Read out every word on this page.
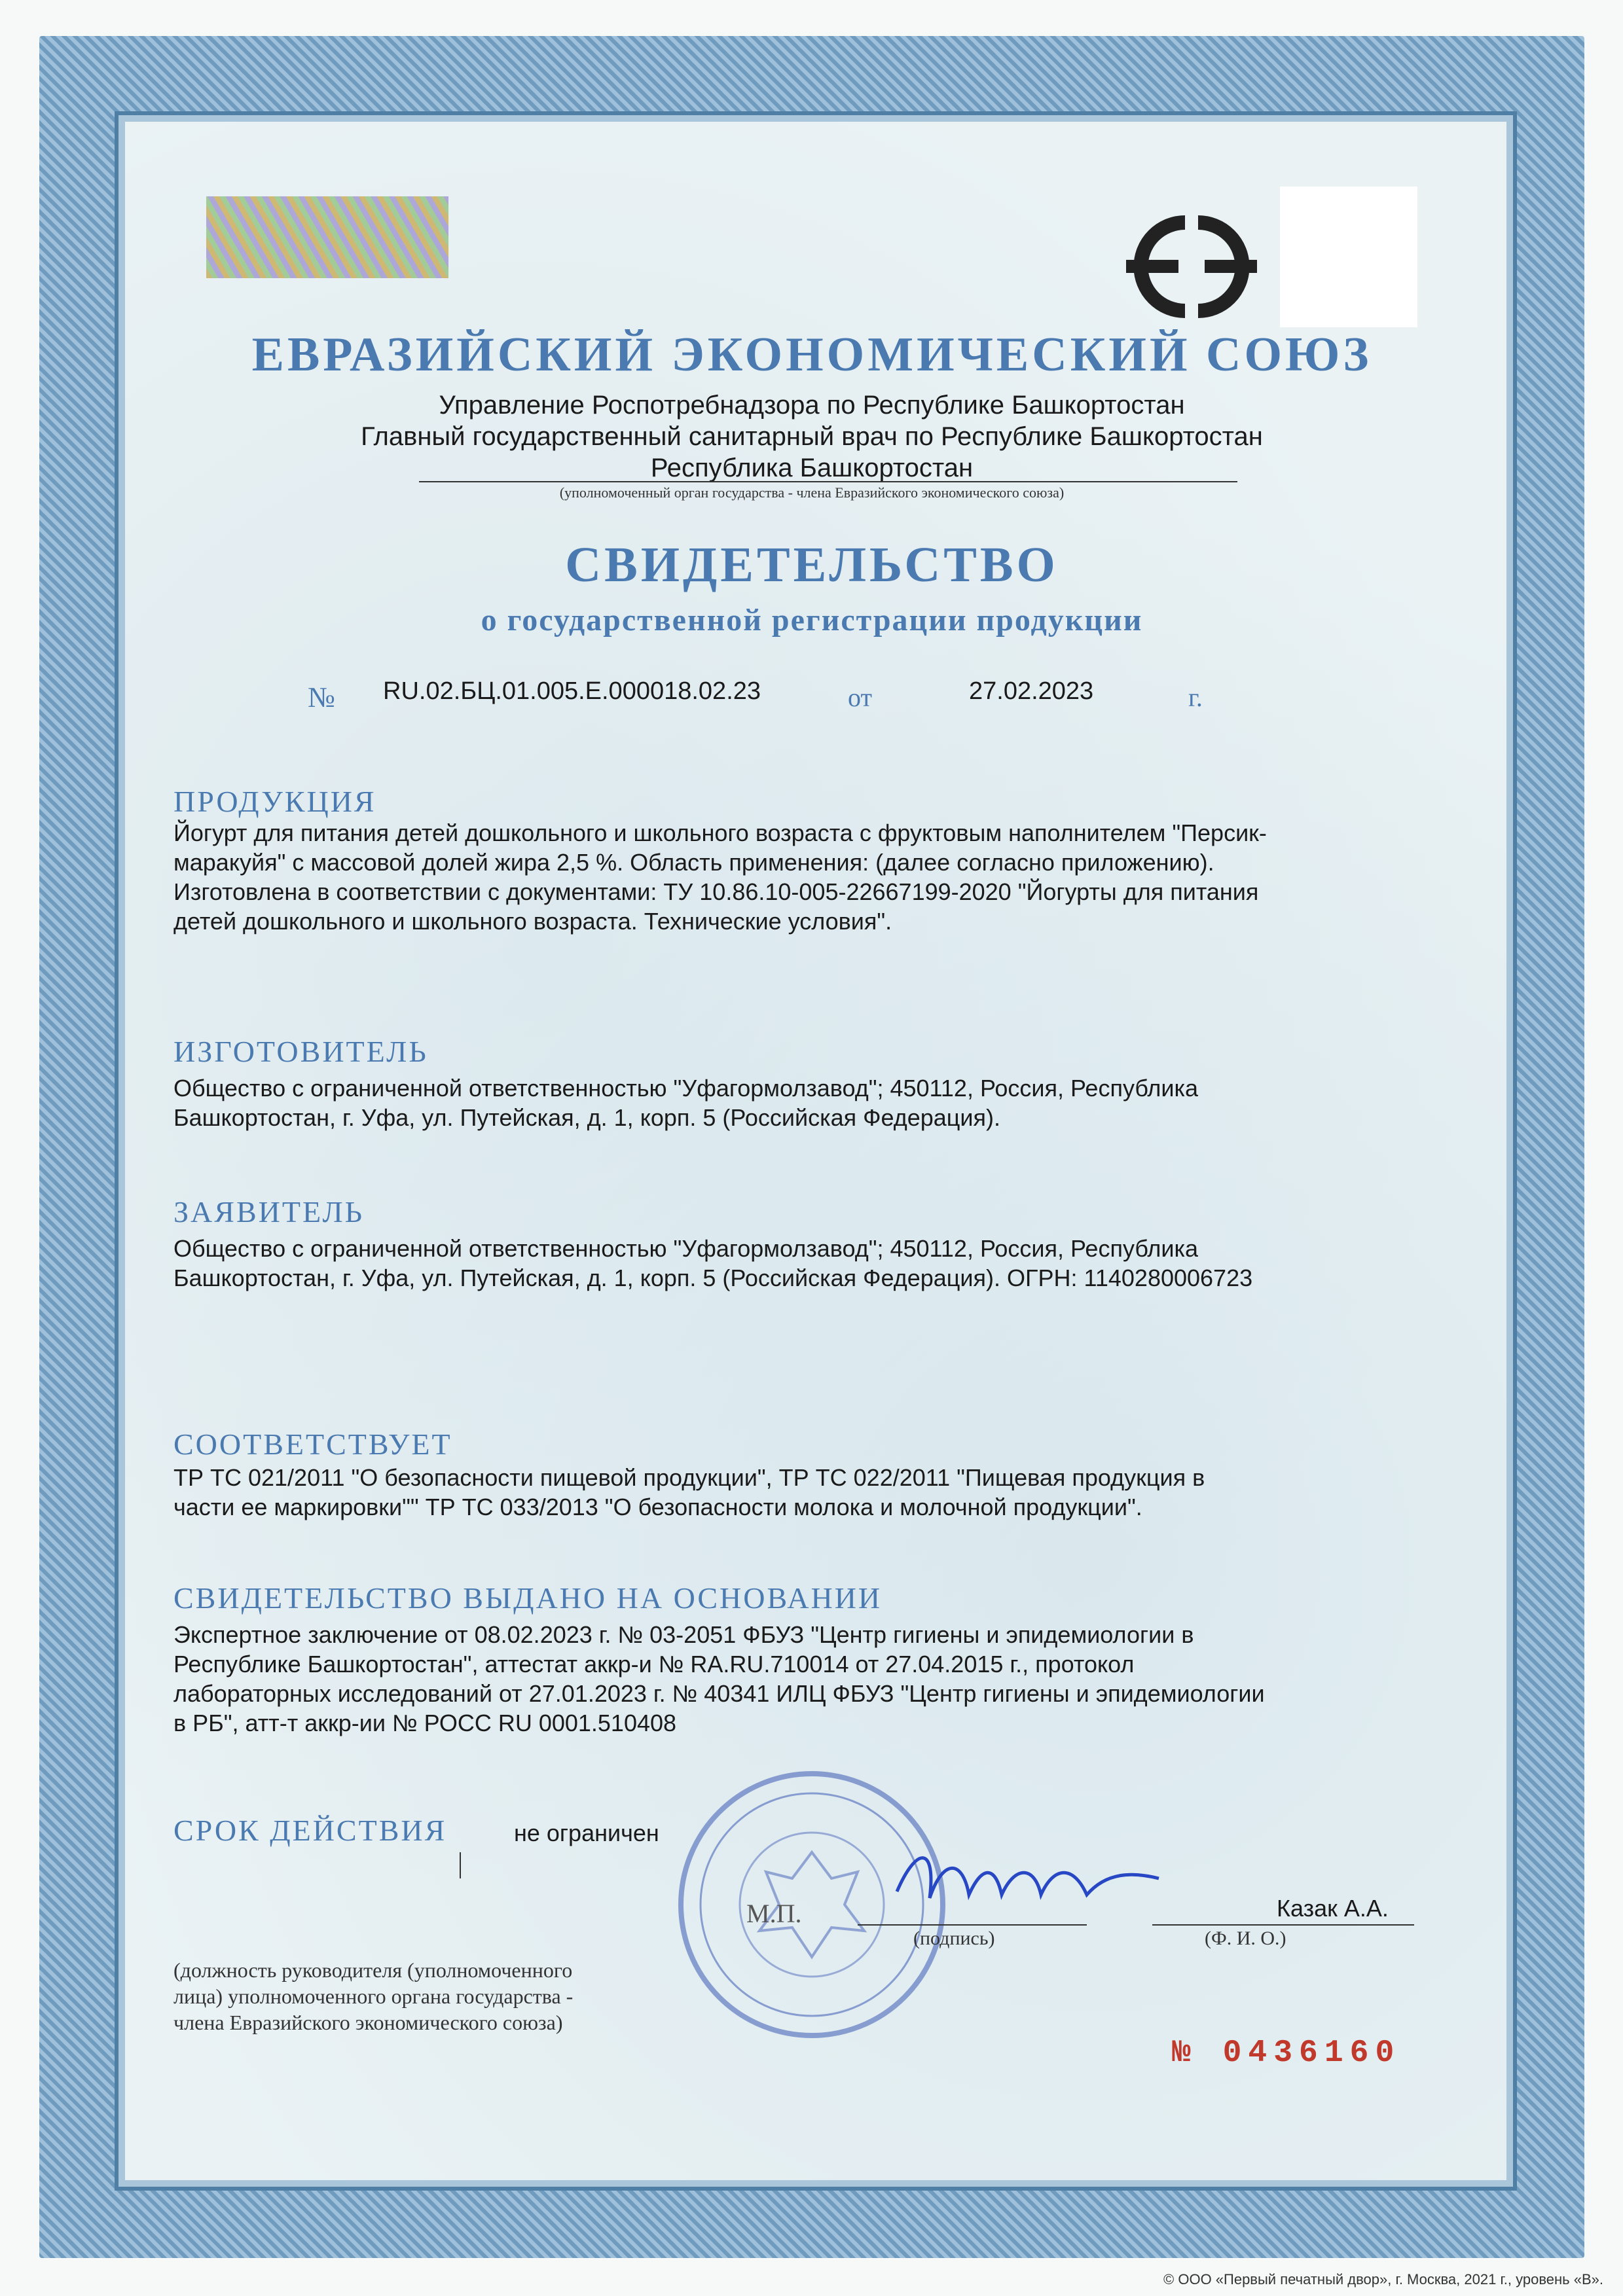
ЕВРАЗИЙСКИЙ ЭКОНОМИЧЕСКИЙ СОЮЗ
Управление Роспотребнадзора по Республике Башкортостан
Главный государственный санитарный врач по Республике Башкортостан
Республика Башкортостан
(уполномоченный орган государства - члена Евразийского экономического союза)
СВИДЕТЕЛЬСТВО
о государственной регистрации продукции
№ RU.02.БЦ.01.005.Е.000018.02.23	от	27.02.2023	г.
ПРОДУКЦИЯ
Йогурт для питания детей дошкольного и школьного возраста с фруктовым наполнителем "Персик-
маракуйя" с массовой долей жира 2,5 %. Область применения: (далее согласно приложению).
Изготовлена в соответствии с документами: ТУ 10.86.10-005-22667199-2020 "Йогурты для питания
детей дошкольного и школьного возраста. Технические условия".
ИЗГОТОВИТЕЛЬ
Общество с ограниченной ответственностью "Уфагормолзавод"; 450112, Россия, Республика
Башкортостан, г. Уфа, ул. Путейская, д. 1, корп. 5 (Российская Федерация).
ЗАЯВИТЕЛЬ
Общество с ограниченной ответственностью "Уфагормолзавод"; 450112, Россия, Республика
Башкортостан, г. Уфа, ул. Путейская, д. 1, корп. 5 (Российская Федерация). ОГРН: 1140280006723
СООТВЕТСТВУЕТ
ТР ТС 021/2011 "О безопасности пищевой продукции", ТР ТС 022/2011 "Пищевая продукция в
части ее маркировки"" ТР ТС 033/2013 "О безопасности молока и молочной продукции".
СВИДЕТЕЛЬСТВО ВЫДАНО НА ОСНОВАНИИ
Экспертное заключение от 08.02.2023 г. № 03-2051 ФБУЗ "Центр гигиены и эпидемиологии в
Республике Башкортостан", аттестат аккр-и № RA.RU.710014 от 27.04.2015 г., протокол
лабораторных исследований от 27.01.2023 г. № 40341 ИЛЦ ФБУЗ "Центр гигиены и эпидемиологии
в РБ", атт-т аккр-ии № РОСС RU 0001.510408
СРОК ДЕЙСТВИЯ	не ограничен
М.П.
(подпись)
Казак А.А.
(Ф. И. О.)
(должность руководителя (уполномоченного
лица) уполномоченного органа государства -
члена Евразийского экономического союза)
№ 0436160
© ООО «Первый печатный двор», г. Москва, 2021 г., уровень «В».
